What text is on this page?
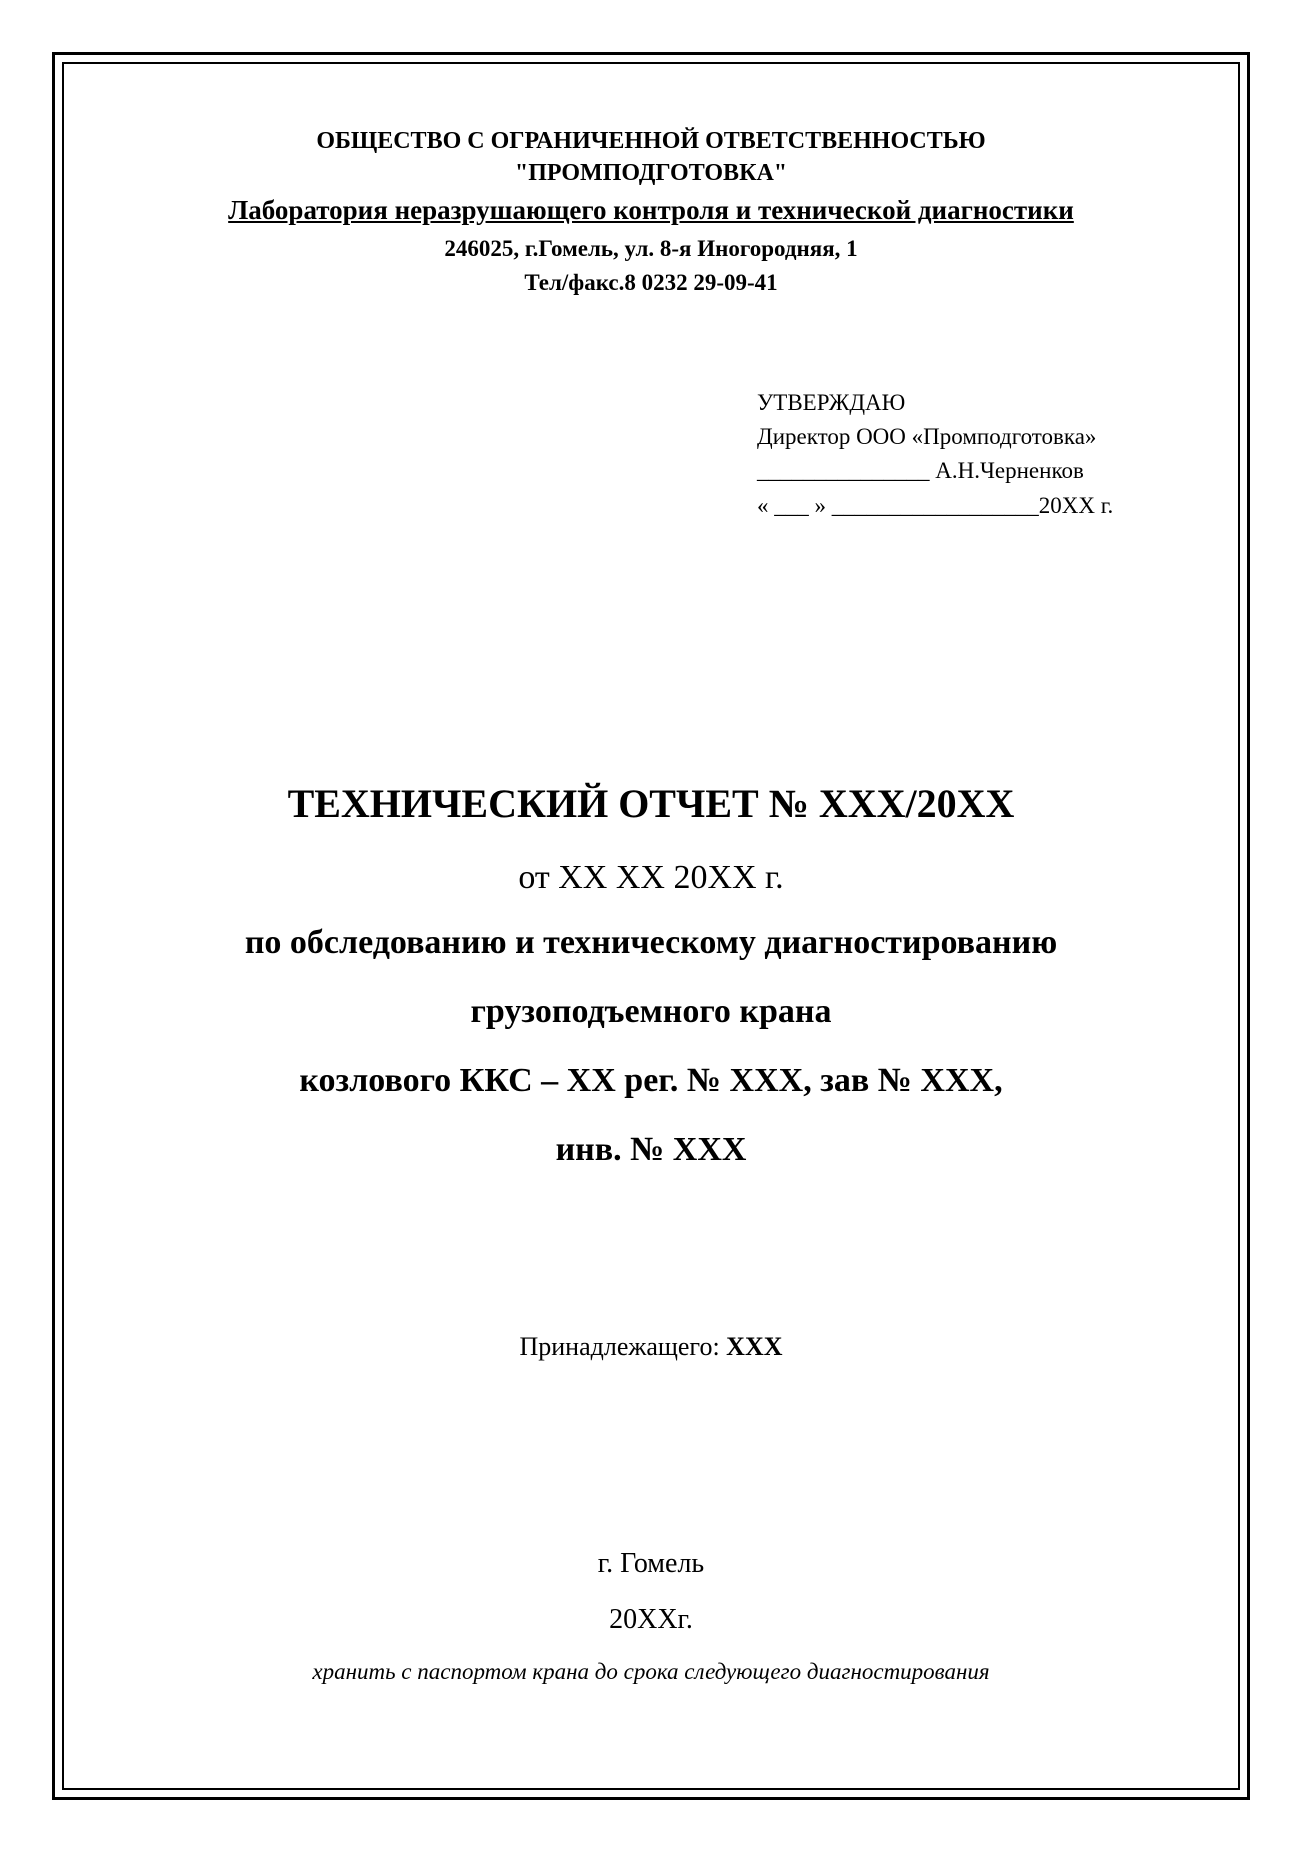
ОБЩЕСТВО С ОГРАНИЧЕННОЙ ОТВЕТСТВЕННОСТЬЮ
"ПРОМПОДГОТОВКА"
Лаборатория неразрушающего контроля и технической диагностики
246025, г.Гомель, ул. 8-я Иногородняя, 1
Тел/факс.8 0232 29-09-41
УТВЕРЖДАЮ
Директор ООО «Промподготовка»
_______________ А.Н.Черненков
« ___ » __________________20ХХ г.
ТЕХНИЧЕСКИЙ ОТЧЕТ № ХХХ/20ХХ
от ХХ ХХ 20ХХ г.
по обследованию и техническому диагностированию
грузоподъемного крана
козлового ККС – ХХ рег. № ХХХ, зав № ХХХ,
инв. № ХХХ
Принадлежащего: ХХХ
г. Гомель
20ХХг.
хранить с паспортом крана до срока следующего диагностирования
